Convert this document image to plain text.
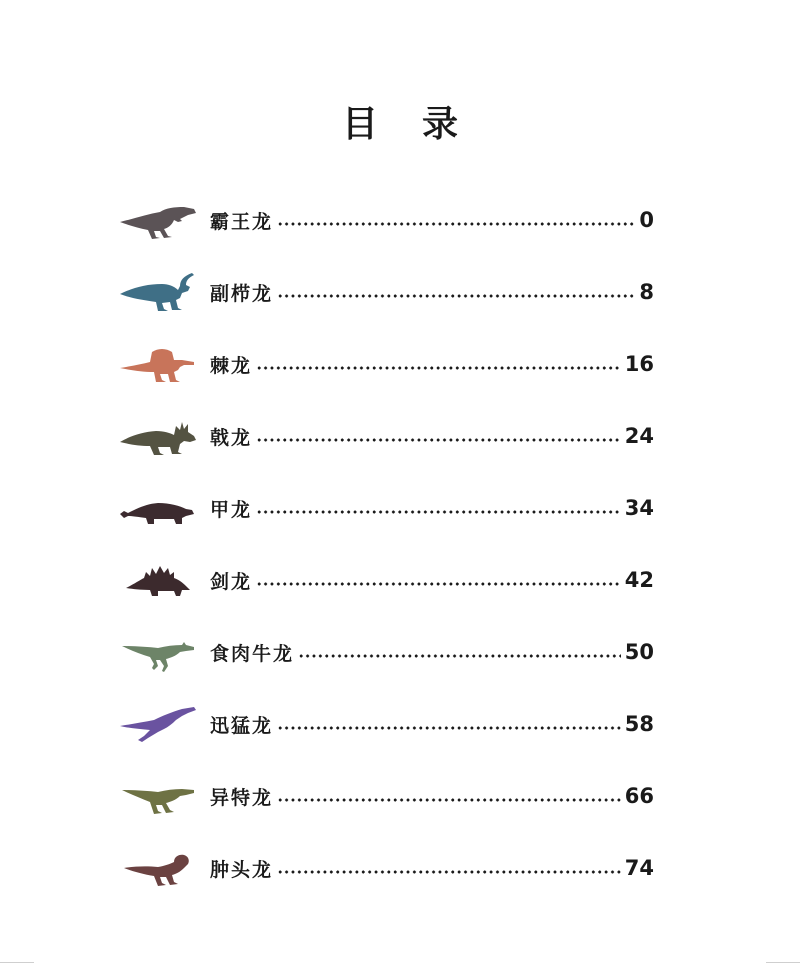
目 录
霸王龙	0
副栉龙	8
棘龙	16
戟龙	24
甲龙	34
剑龙	42
食肉牛龙	50
迅猛龙	58
异特龙	66
肿头龙	74
